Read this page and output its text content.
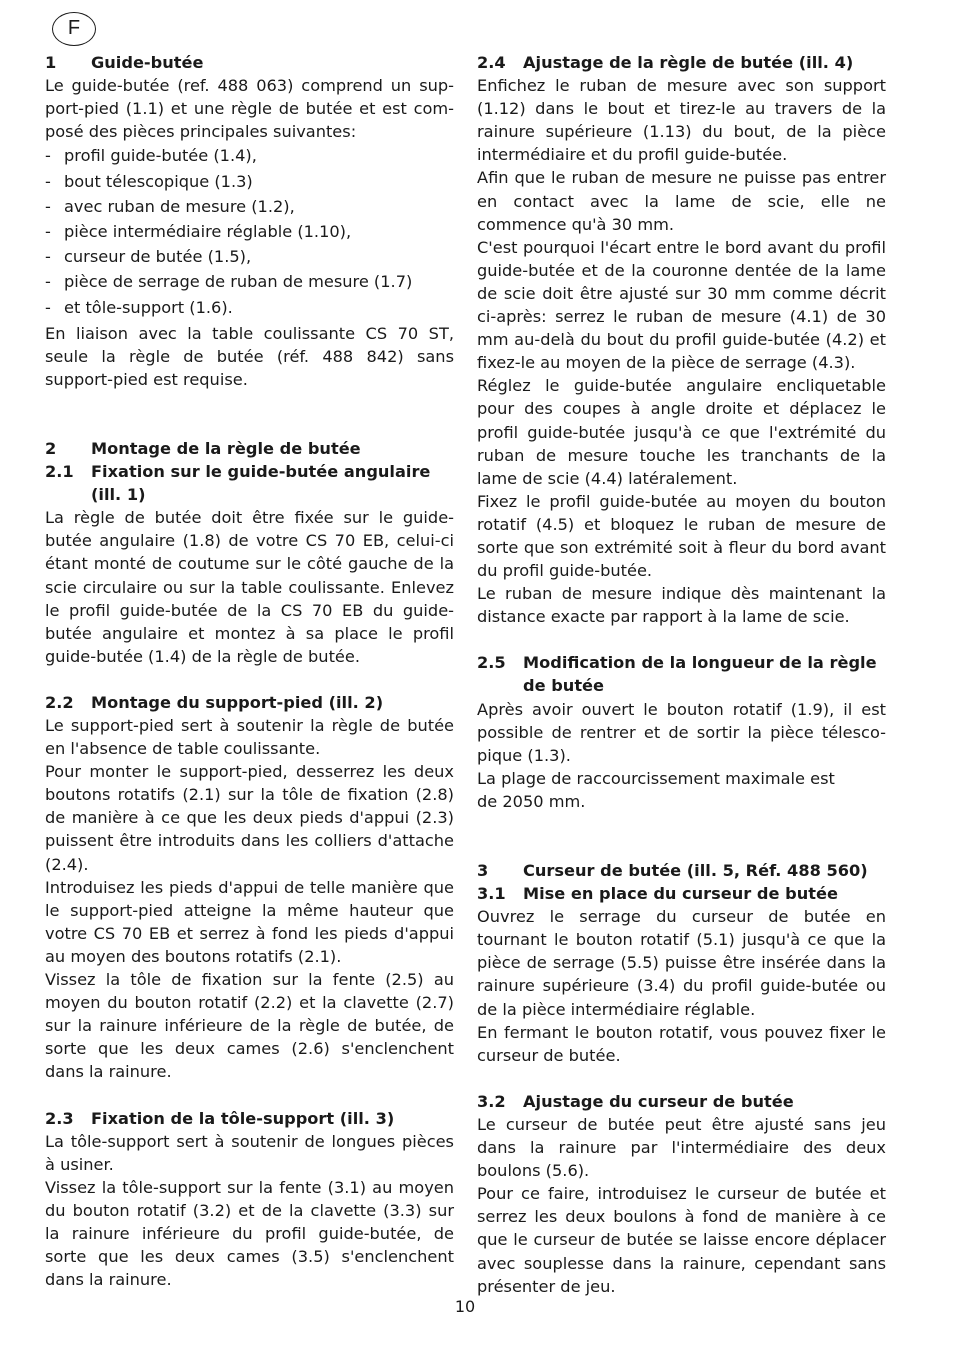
F
1	Guide-butée

Le guide-butée (ref. 488 063) comprend un sup-port-pied (1.1) et une règle de butée et est com-posé des pièces principales suivantes:

- profil guide-butée (1.4),
- bout télescopique (1.3)
- avec ruban de mesure (1.2),
- pièce intermédiaire réglable (1.10),
- curseur de butée (1.5),
- pièce de serrage de ruban de mesure (1.7)
- et tôle-support (1.6).

En liaison avec la table coulissante CS 70 ST, seule la règle de butée (réf. 488 842) sans support-pied est requise.

2	Montage de la règle de butée
2.1	Fixation sur le guide-butée angulaire (ill. 1)

La règle de butée doit être fixée sur le guide-butée angulaire (1.8) de votre CS 70 EB, celui-ci étant monté de coutume sur le côté gauche de la scie circulaire ou sur la table coulissante. Enlevez le profil guide-butée de la CS 70 EB du guide-butée angulaire et montez à sa place le profil guide-butée (1.4) de la règle de butée.

2.2	Montage du support-pied (ill. 2)

Le support-pied sert à soutenir la règle de butée en l'absence de table coulissante.

Pour monter le support-pied, desserrez les deux boutons rotatifs (2.1) sur la tôle de fixation (2.8) de manière à ce que les deux pieds d'appui (2.3) puissent être introduits dans les colliers d'attache (2.4).

Introduisez les pieds d'appui de telle manière que le support-pied atteigne la même hauteur que votre CS 70 EB et serrez à fond les pieds d'appui au moyen des boutons rotatifs (2.1).

Vissez la tôle de fixation sur la fente (2.5) au moyen du bouton rotatif (2.2) et la clavette (2.7) sur la rainure inférieure de la règle de butée, de sorte que les deux cames (2.6) s'enclenchent dans la rainure.

2.3	Fixation de la tôle-support (ill. 3)

La tôle-support sert à soutenir de longues pièces à usiner.

Vissez la tôle-support sur la fente (3.1) au moyen du bouton rotatif (3.2) et de la clavette (3.3) sur la rainure inférieure du profil guide-butée, de sorte que les deux cames (3.5) s'enclenchent dans la rainure.

2.4	Ajustage de la règle de butée (ill. 4)

Enfichez le ruban de mesure avec son support (1.12) dans le bout et tirez-le au travers de la rainure supérieure (1.13) du bout, de la pièce intermédiaire et du profil guide-butée.

Afin que le ruban de mesure ne puisse pas entrer en contact avec la lame de scie, elle ne commence qu'à 30 mm.

C'est pourquoi l'écart entre le bord avant du profil guide-butée et de la couronne dentée de la lame de scie doit être ajusté sur 30 mm comme décrit ci-après: serrez le ruban de mesure (4.1) de 30 mm au-delà du bout du profil guide-butée (4.2) et fixez-le au moyen de la pièce de serrage (4.3).

Réglez le guide-butée angulaire encliquetable pour des coupes à angle droite et déplacez le profil guide-butée jusqu'à ce que l'extrémité du ruban de mesure touche les tranchants de la lame de scie (4.4) latéralement.

Fixez le profil guide-butée au moyen du bouton rotatif (4.5) et bloquez le ruban de mesure de sorte que son extrémité soit à fleur du bord avant du profil guide-butée.

Le ruban de mesure indique dès maintenant la distance exacte par rapport à la lame de scie.

2.5	Modification de la longueur de la règle de butée

Après avoir ouvert le bouton rotatif (1.9), il est possible de rentrer et de sortir la pièce télesco-pique (1.3).

La plage de raccourcissement maximale est

de 2050 mm.

3	Curseur de butée (ill. 5, Réf. 488 560)
3.1	Mise en place du curseur de butée

Ouvrez le serrage du curseur de butée en tournant le bouton rotatif (5.1) jusqu'à ce que la pièce de serrage (5.5) puisse être insérée dans la rainure supérieure (3.4) du profil guide-butée ou de la pièce intermédiaire réglable.

En fermant le bouton rotatif, vous pouvez fixer le curseur de butée.

3.2	Ajustage du curseur de butée

Le curseur de butée peut être ajusté sans jeu dans la rainure par l'intermédiaire des deux boulons (5.6).

Pour ce faire, introduisez le curseur de butée et serrez les deux boulons à fond de manière à ce que le curseur de butée se laisse encore déplacer avec souplesse dans la rainure, cependant sans présenter de jeu.

10
